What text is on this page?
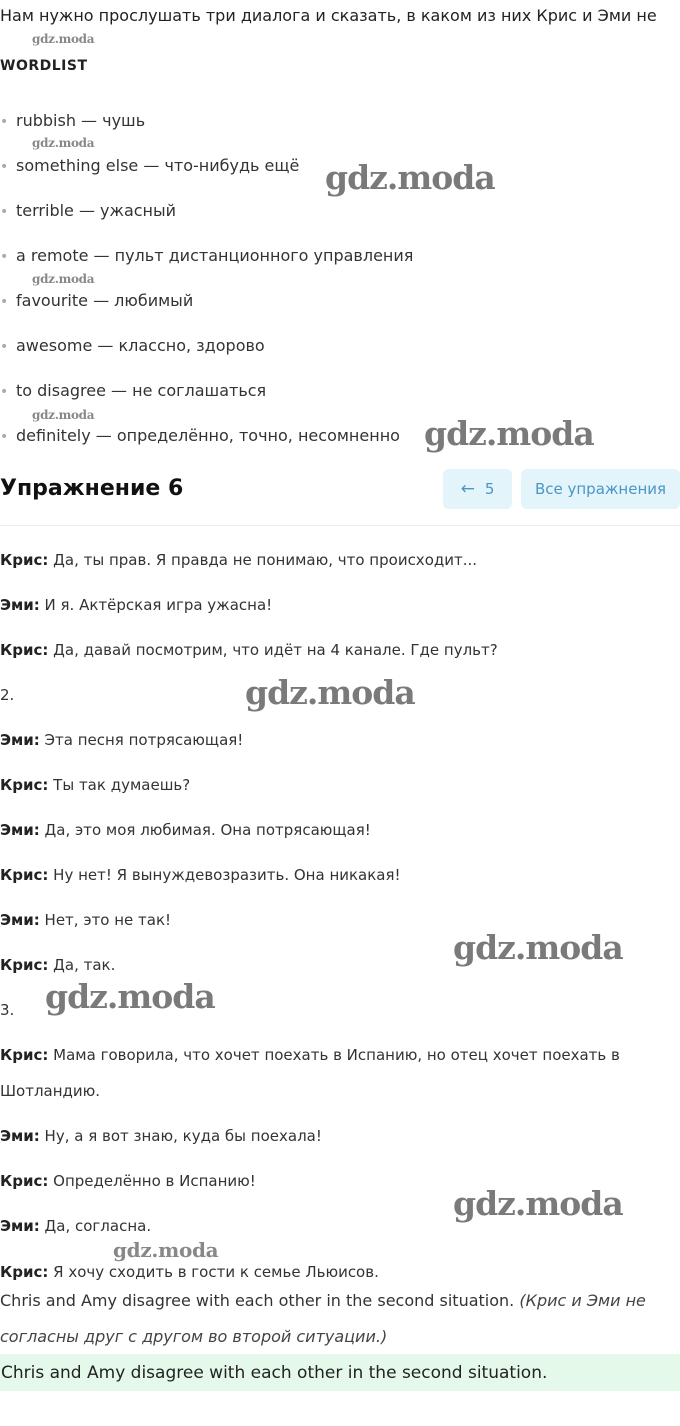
Нам нужно прослушать три диалога и сказать, в каком из них Крис и Эми не
gdz.moda
WORDLIST
• rubbish — чушь
gdz.moda
• something else — что-нибудь ещё gdz.moda
• terrible — ужасный
• a remote — пульт дистанционного управления
gdz.moda
• favourite — любимый
• awesome — классно, здорово
• to disagree — не соглашаться
gdz.moda
• definitely — определённо, точно, несомненно gdz.moda
Упражнение 6	← 5	Все упражнения
Крис: Да, ты прав. Я правда не понимаю, что происходит...
Эми: И я. Актёрская игра ужасна!
Крис: Да, давай посмотрим, что идёт на 4 канале. Где пульт?
2.	gdz.moda
Эми: Эта песня потрясающая!
Крис: Ты так думаешь?
Эми: Да, это моя любимая. Она потрясающая!
Крис: Ну нет! Я вынуждевозразить. Она никакая!
Эми: Нет, это не так!
gdz.moda
Крис: Да, так.
gdz.moda
3.
Крис: Мама говорила, что хочет поехать в Испанию, но отец хочет поехать в
Шотландию.
Эми: Ну, а я вот знаю, куда бы поехала!
Крис: Определённо в Испанию!
gdz.moda
Эми: Да, согласна.
gdz.moda
Крис: Я хочу сходить в гости к семье Льюисов.
Chris and Amy disagree with each other in the second situation. (Крис и Эми не
согласны друг с другом во второй ситуации.)
Chris and Amy disagree with each other in the second situation.
